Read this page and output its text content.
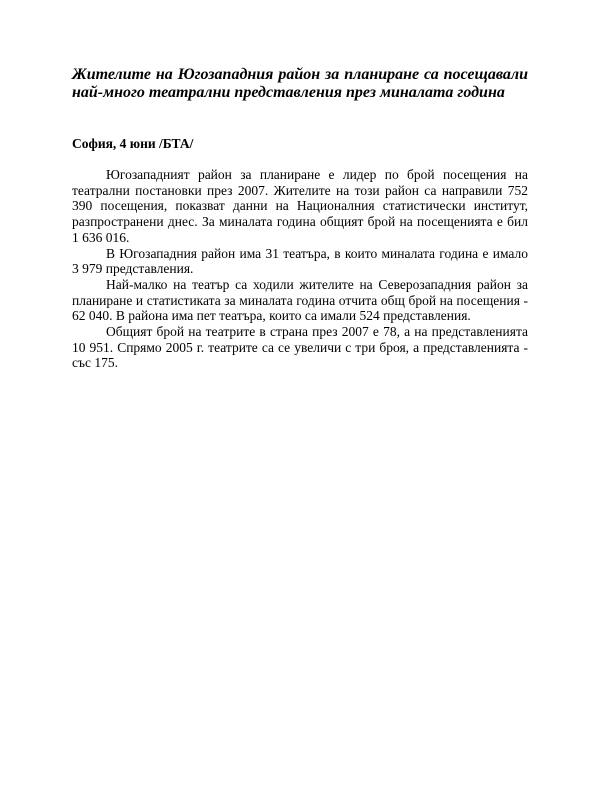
Жителите на Югозападния район за планиране са посещавали най-много театрални представления през миналата година

София, 4 юни /БТА/

Югозападният район за планиране е лидер по брой посещения на театрални постановки през 2007. Жителите на този район са направили 752 390 посещения, показват данни на Националния статистически институт, разпространени днес. За миналата година общият брой на посещенията е бил 1 636 016.

В Югозападния район има 31 театъра, в които миналата година е имало 3 979 представления.

Най-малко на театър са ходили жителите на Северозападния район за планиране и статистиката за миналата година отчита общ брой на посещения - 62 040. В района има пет театъра, които са имали 524 представления.

Общият брой на театрите в страна през 2007 е 78, а на представленията 10 951. Спрямо 2005 г. театрите са се увеличи с три броя, а представленията - със 175.
